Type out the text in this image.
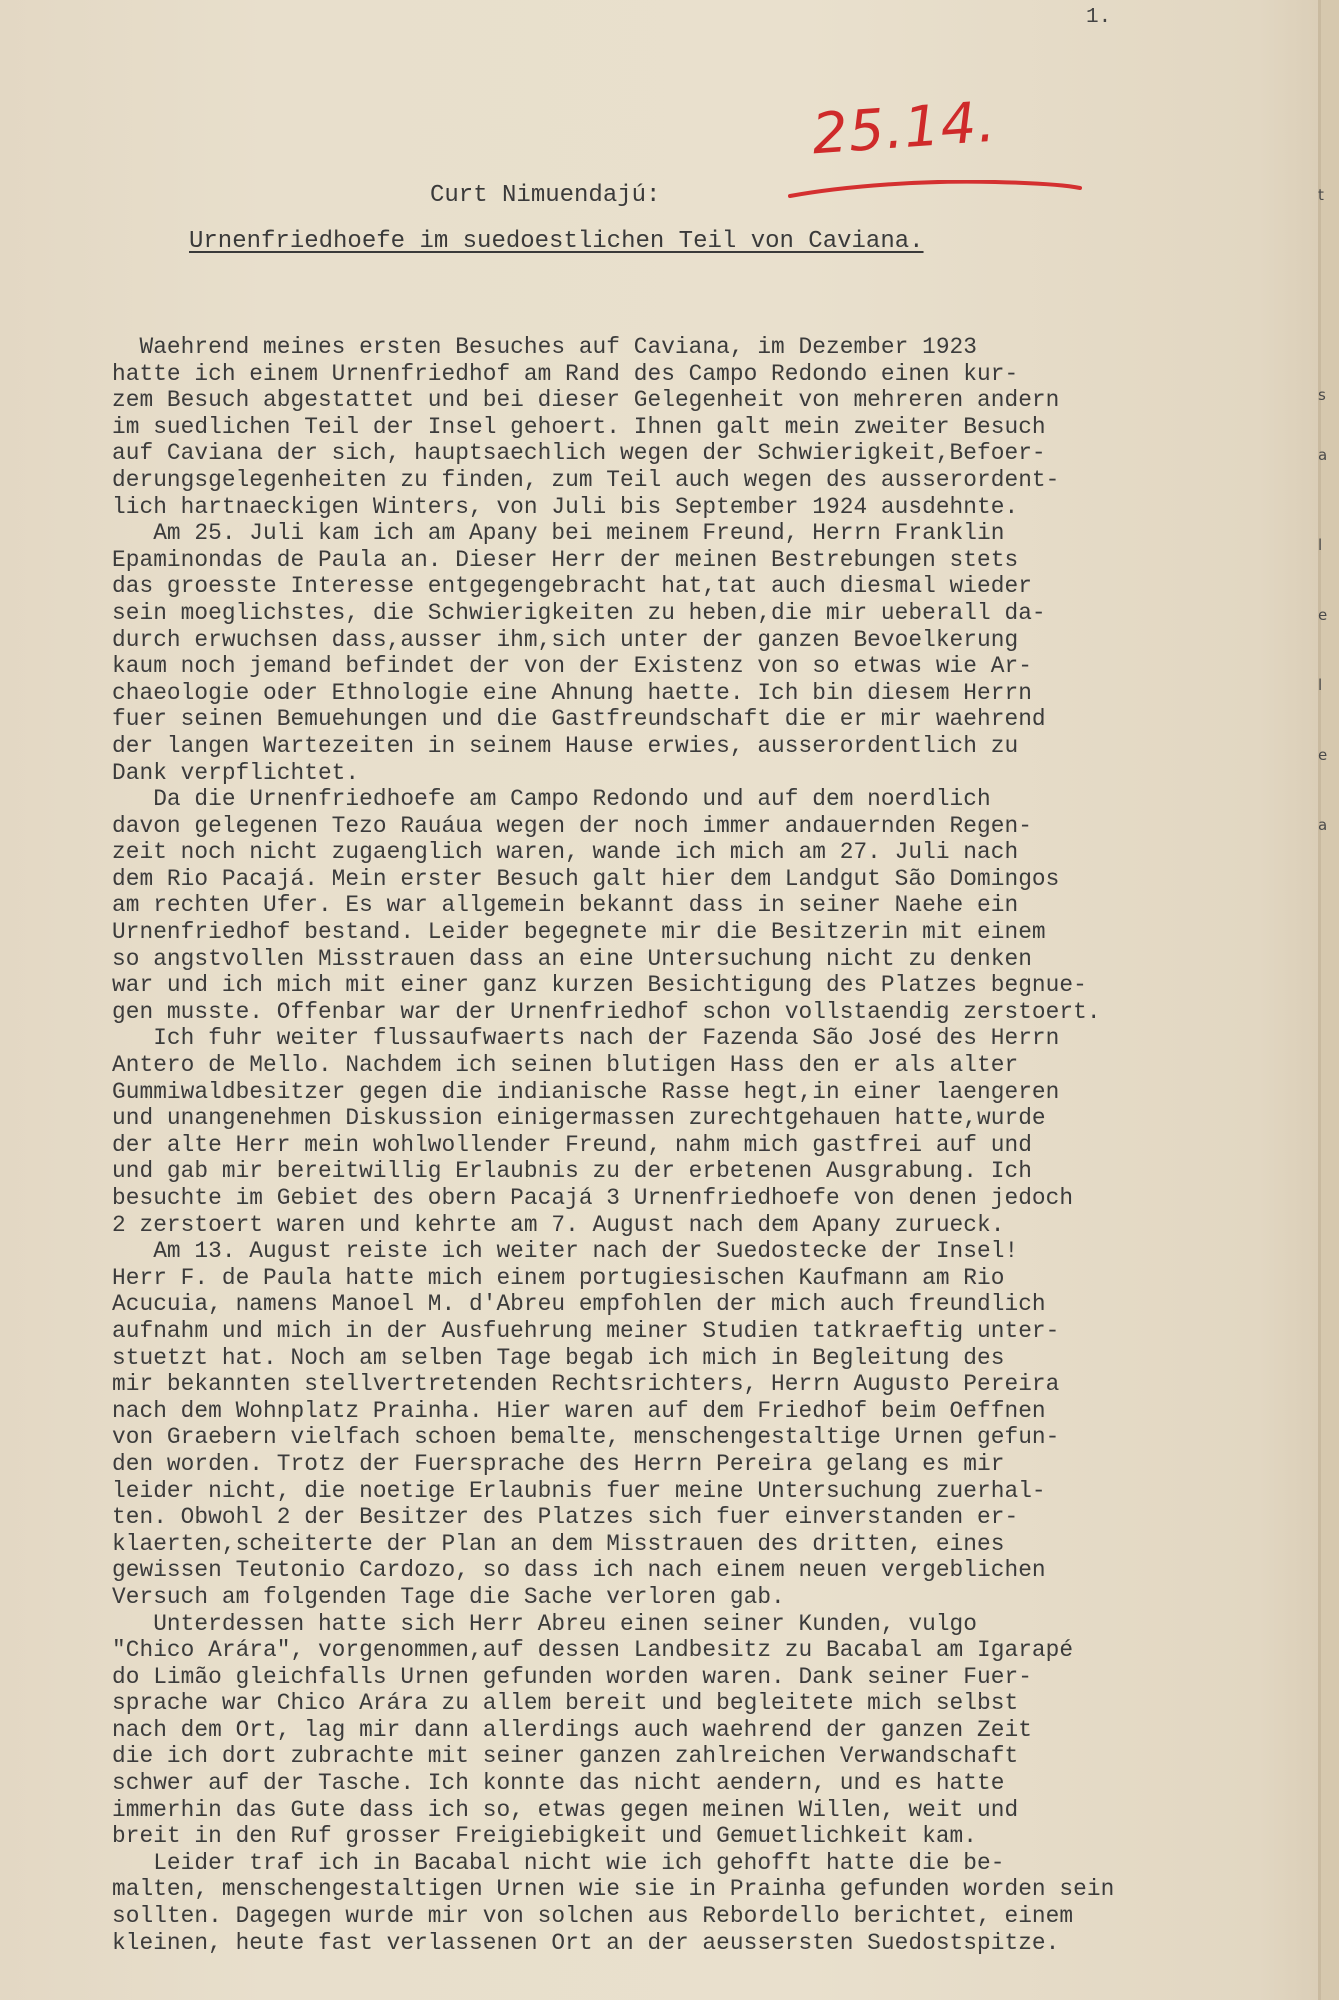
1.
25.14.
Curt Nimuendajú:
Urnenfriedhoefe im suedoestlichen Teil von Caviana.
Waehrend meines ersten Besuches auf Caviana, im Dezember 1923
hatte ich einem Urnenfriedhof am Rand des Campo Redondo einen kur-
zem Besuch abgestattet und bei dieser Gelegenheit von mehreren andern
im suedlichen Teil der Insel gehoert. Ihnen galt mein zweiter Besuch
auf Caviana der sich, hauptsaechlich wegen der Schwierigkeit,Befoer-
derungsgelegenheiten zu finden, zum Teil auch wegen des ausserordent-
lich hartnaeckigen Winters, von Juli bis September 1924 ausdehnte.
Am 25. Juli kam ich am Apany bei meinem Freund, Herrn Franklin
Epaminondas de Paula an. Dieser Herr der meinen Bestrebungen stets
das groesste Interesse entgegengebracht hat,tat auch diesmal wieder
sein moeglichstes, die Schwierigkeiten zu heben,die mir ueberall da-
durch erwuchsen dass,ausser ihm,sich unter der ganzen Bevoelkerung
kaum noch jemand befindet der von der Existenz von so etwas wie Ar-
chaeologie oder Ethnologie eine Ahnung haette. Ich bin diesem Herrn
fuer seinen Bemuehungen und die Gastfreundschaft die er mir waehrend
der langen Wartezeiten in seinem Hause erwies, ausserordentlich zu
Dank verpflichtet.
Da die Urnenfriedhoefe am Campo Redondo und auf dem noerdlich
davon gelegenen Tezo Rauáua wegen der noch immer andauernden Regen-
zeit noch nicht zugaenglich waren, wande ich mich am 27. Juli nach
dem Rio Pacajá. Mein erster Besuch galt hier dem Landgut São Domingos
am rechten Ufer. Es war allgemein bekannt dass in seiner Naehe ein
Urnenfriedhof bestand. Leider begegnete mir die Besitzerin mit einem
so angstvollen Misstrauen dass an eine Untersuchung nicht zu denken
war und ich mich mit einer ganz kurzen Besichtigung des Platzes begnue-
gen musste. Offenbar war der Urnenfriedhof schon vollstaendig zerstoert.
Ich fuhr weiter flussaufwaerts nach der Fazenda São José des Herrn
Antero de Mello. Nachdem ich seinen blutigen Hass den er als alter
Gummiwaldbesitzer gegen die indianische Rasse hegt,in einer laengeren
und unangenehmen Diskussion einigermassen zurechtgehauen hatte,wurde
der alte Herr mein wohlwollender Freund, nahm mich gastfrei auf und
und gab mir bereitwillig Erlaubnis zu der erbetenen Ausgrabung. Ich
besuchte im Gebiet des obern Pacajá 3 Urnenfriedhoefe von denen jedoch
2 zerstoert waren und kehrte am 7. August nach dem Apany zurueck.
Am 13. August reiste ich weiter nach der Suedostecke der Insel!
Herr F. de Paula hatte mich einem portugiesischen Kaufmann am Rio
Acucuia, namens Manoel M. d'Abreu empfohlen der mich auch freundlich
aufnahm und mich in der Ausfuehrung meiner Studien tatkraeftig unter-
stuetzt hat. Noch am selben Tage begab ich mich in Begleitung des
mir bekannten stellvertretenden Rechtsrichters, Herrn Augusto Pereira
nach dem Wohnplatz Prainha. Hier waren auf dem Friedhof beim Oeffnen
von Graebern vielfach schoen bemalte, menschengestaltige Urnen gefun-
den worden. Trotz der Fuersprache des Herrn Pereira gelang es mir
leider nicht, die noetige Erlaubnis fuer meine Untersuchung zuerhal-
ten. Obwohl 2 der Besitzer des Platzes sich fuer einverstanden er-
klaerten,scheiterte der Plan an dem Misstrauen des dritten, eines
gewissen Teutonio Cardozo, so dass ich nach einem neuen vergeblichen
Versuch am folgenden Tage die Sache verloren gab.
Unterdessen hatte sich Herr Abreu einen seiner Kunden, vulgo
"Chico Arára", vorgenommen,auf dessen Landbesitz zu Bacabal am Igarapé
do Limão gleichfalls Urnen gefunden worden waren. Dank seiner Fuer-
sprache war Chico Arára zu allem bereit und begleitete mich selbst
nach dem Ort, lag mir dann allerdings auch waehrend der ganzen Zeit
die ich dort zubrachte mit seiner ganzen zahlreichen Verwandschaft
schwer auf der Tasche. Ich konnte das nicht aendern, und es hatte
immerhin das Gute dass ich so, etwas gegen meinen Willen, weit und
breit in den Ruf grosser Freigiebigkeit und Gemuetlichkeit kam.
Leider traf ich in Bacabal nicht wie ich gehofft hatte die be-
malten, menschengestaltigen Urnen wie sie in Prainha gefunden worden sein
sollten. Dagegen wurde mir von solchen aus Rebordello berichtet, einem
kleinen, heute fast verlassenen Ort an der aeussersten Suedostspitze.
t
s
a
l
e
l
e
a
